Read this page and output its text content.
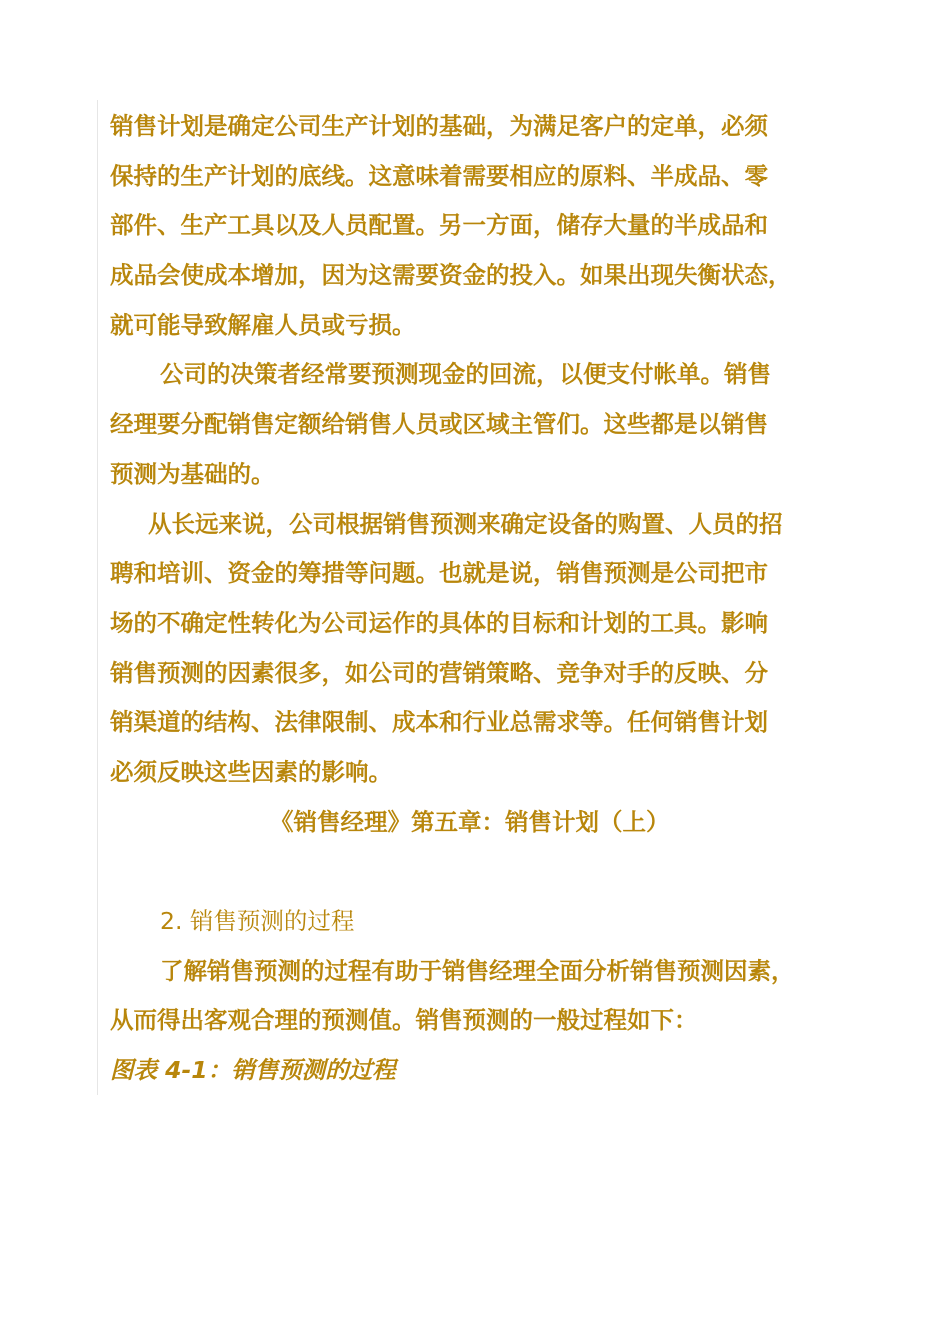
销售计划是确定公司生产计划的基础，为满足客户的定单，必须
保持的生产计划的底线。这意味着需要相应的原料、半成品、零
部件、生产工具以及人员配置。另一方面，储存大量的半成品和
成品会使成本增加，因为这需要资金的投入。如果出现失衡状态，
就可能导致解雇人员或亏损。
公司的决策者经常要预测现金的回流，以便支付帐单。销售
经理要分配销售定额给销售人员或区域主管们。这些都是以销售
预测为基础的。
从长远来说，公司根据销售预测来确定设备的购置、人员的招
聘和培训、资金的筹措等问题。也就是说，销售预测是公司把市
场的不确定性转化为公司运作的具体的目标和计划的工具。影响
销售预测的因素很多，如公司的营销策略、竞争对手的反映、分
销渠道的结构、法律限制、成本和行业总需求等。任何销售计划
必须反映这些因素的影响。
《销售经理》第五章：销售计划（上）
2. 销售预测的过程
了解销售预测的过程有助于销售经理全面分析销售预测因素，
从而得出客观合理的预测值。销售预测的一般过程如下：
图表 4-1：销售预测的过程
